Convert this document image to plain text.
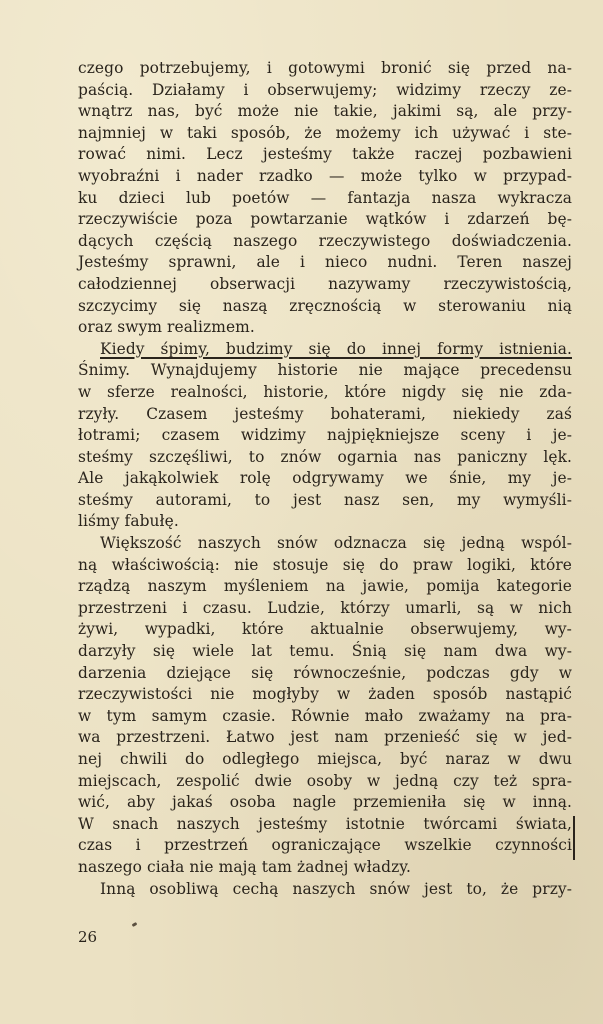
czego potrzebujemy, i gotowymi bronić się przed na-
paścią. Działamy i obserwujemy; widzimy rzeczy ze-
wnątrz nas, być może nie takie, jakimi są, ale przy-
najmniej w taki sposób, że możemy ich używać i ste-
rować nimi. Lecz jesteśmy także raczej pozbawieni
wyobraźni i nader rzadko — może tylko w przypad-
ku dzieci lub poetów — fantazja nasza wykracza
rzeczywiście poza powtarzanie wątków i zdarzeń bę-
dących częścią naszego rzeczywistego doświadczenia.
Jesteśmy sprawni, ale i nieco nudni. Teren naszej
całodziennej obserwacji nazywamy rzeczywistością,
szczycimy się naszą zręcznością w sterowaniu nią
oraz swym realizmem.
Kiedy śpimy, budzimy się do innej formy istnienia.
Śnimy. Wynajdujemy historie nie mające precedensu
w sferze realności, historie, które nigdy się nie zda-
rzyły. Czasem jesteśmy bohaterami, niekiedy zaś
łotrami; czasem widzimy najpiękniejsze sceny i je-
steśmy szczęśliwi, to znów ogarnia nas paniczny lęk.
Ale jakąkolwiek rolę odgrywamy we śnie, my je-
steśmy autorami, to jest nasz sen, my wymyśli-
liśmy fabułę.
Większość naszych snów odznacza się jedną wspól-
ną właściwością: nie stosuje się do praw logiki, które
rządzą naszym myśleniem na jawie, pomija kategorie
przestrzeni i czasu. Ludzie, którzy umarli, są w nich
żywi, wypadki, które aktualnie obserwujemy, wy-
darzyły się wiele lat temu. Śnią się nam dwa wy-
darzenia dziejące się równocześnie, podczas gdy w
rzeczywistości nie mogłyby w żaden sposób nastąpić
w tym samym czasie. Równie mało zważamy na pra-
wa przestrzeni. Łatwo jest nam przenieść się w jed-
nej chwili do odległego miejsca, być naraz w dwu
miejscach, zespolić dwie osoby w jedną czy też spra-
wić, aby jakaś osoba nagle przemieniła się w inną.
W snach naszych jesteśmy istotnie twórcami świata,
czas i przestrzeń ograniczające wszelkie czynności
naszego ciała nie mają tam żadnej władzy.
Inną osobliwą cechą naszych snów jest to, że przy-
26
